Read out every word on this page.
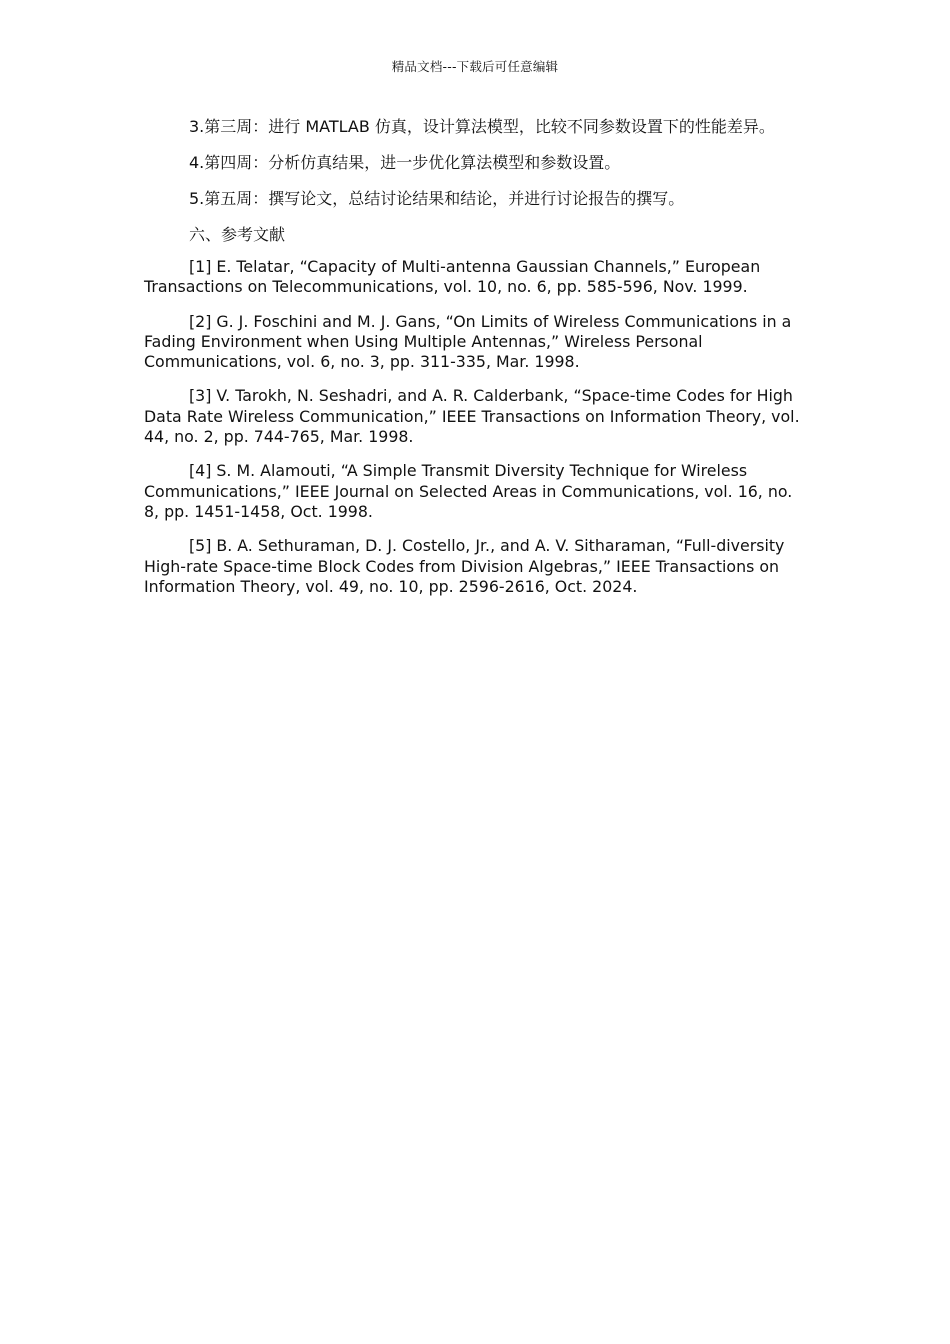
精品文档---下载后可任意编辑

3.第三周：进行 MATLAB 仿真，设计算法模型，比较不同参数设置下的性能差异。

4.第四周：分析仿真结果，进一步优化算法模型和参数设置。

5.第五周：撰写论文，总结讨论结果和结论，并进行讨论报告的撰写。

六、参考文献

[1] E. Telatar, “Capacity of Multi-antenna Gaussian Channels,” European Transactions on Telecommunications, vol. 10, no. 6, pp. 585-596, Nov. 1999.

[2] G. J. Foschini and M. J. Gans, “On Limits of Wireless Communications in a Fading Environment when Using Multiple Antennas,” Wireless Personal Communications, vol. 6, no. 3, pp. 311-335, Mar. 1998.

[3] V. Tarokh, N. Seshadri, and A. R. Calderbank, “Space-time Codes for High Data Rate Wireless Communication,” IEEE Transactions on Information Theory, vol. 44, no. 2, pp. 744-765, Mar. 1998.

[4] S. M. Alamouti, “A Simple Transmit Diversity Technique for Wireless Communications,” IEEE Journal on Selected Areas in Communications, vol. 16, no. 8, pp. 1451-1458, Oct. 1998.

[5] B. A. Sethuraman, D. J. Costello, Jr., and A. V. Sitharaman, “Full-diversity High-rate Space-time Block Codes from Division Algebras,” IEEE Transactions on Information Theory, vol. 49, no. 10, pp. 2596-2616, Oct. 2024.
